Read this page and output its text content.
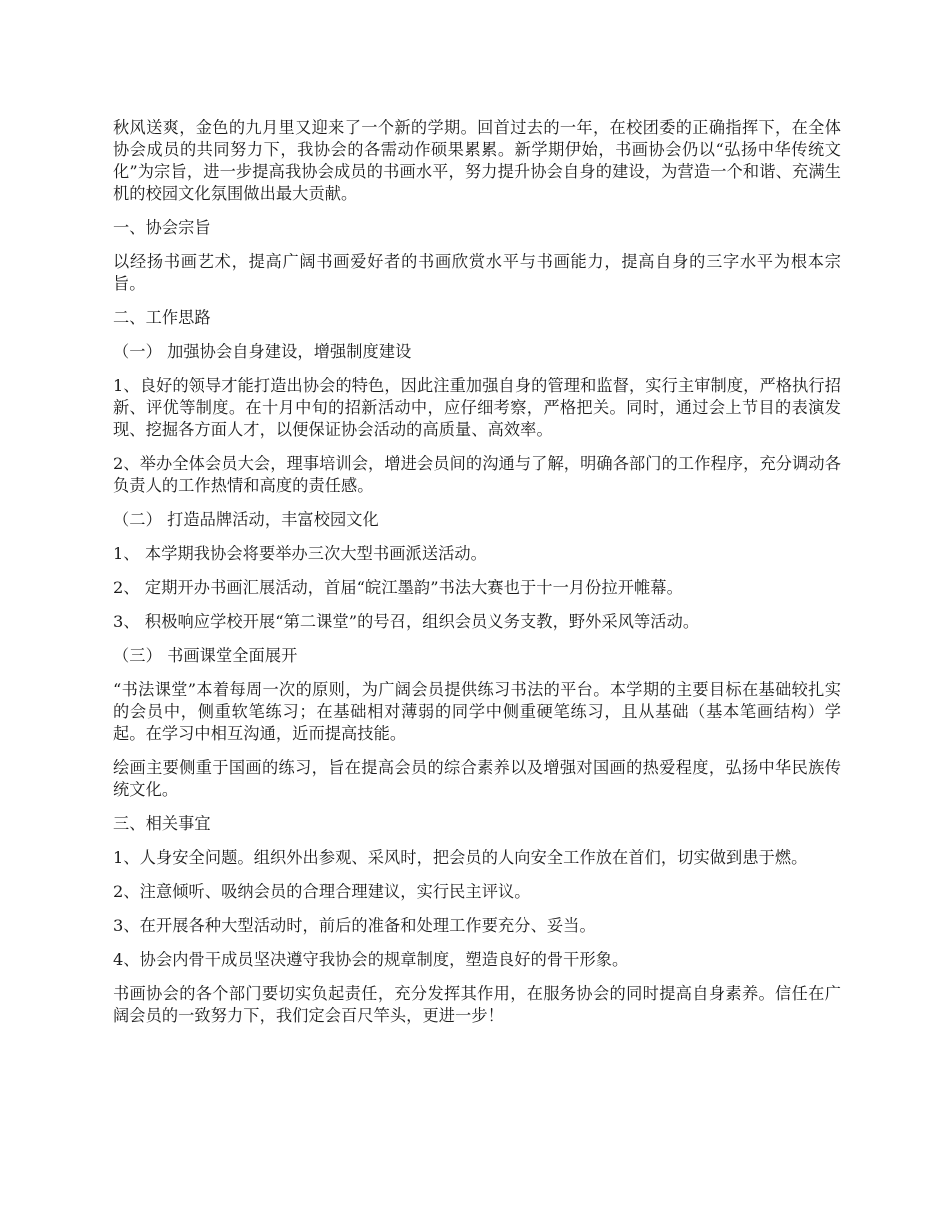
秋风送爽，金色的九月里又迎来了一个新的学期。回首过去的一年，在校团委的正确指挥下，在全体协会成员的共同努力下，我协会的各需动作硕果累累。新学期伊始，书画协会仍以“弘扬中华传统文化”为宗旨，进一步提高我协会成员的书画水平，努力提升协会自身的建设，为营造一个和谐、充满生机的校园文化氛围做出最大贡献。

一、协会宗旨

以经扬书画艺术，提高广阔书画爱好者的书画欣赏水平与书画能力，提高自身的三字水平为根本宗旨。

二、工作思路

（一） 加强协会自身建设，增强制度建设

1、良好的领导才能打造出协会的特色，因此注重加强自身的管理和监督，实行主审制度，严格执行招新、评优等制度。在十月中旬的招新活动中，应仔细考察，严格把关。同时，通过会上节目的表演发现、挖掘各方面人才，以便保证协会活动的高质量、高效率。

2、举办全体会员大会，理事培训会，增进会员间的沟通与了解，明确各部门的工作程序，充分调动各负责人的工作热情和高度的责任感。

（二） 打造品牌活动，丰富校园文化

1、 本学期我协会将要举办三次大型书画派送活动。

2、 定期开办书画汇展活动，首届“皖江墨韵”书法大赛也于十一月份拉开帷幕。

3、 积极响应学校开展“第二课堂”的号召，组织会员义务支教，野外采风等活动。

（三） 书画课堂全面展开

“书法课堂”本着每周一次的原则，为广阔会员提供练习书法的平台。本学期的主要目标在基础较扎实的会员中，侧重软笔练习；在基础相对薄弱的同学中侧重硬笔练习，且从基础（基本笔画结构）学起。在学习中相互沟通，近而提高技能。

绘画主要侧重于国画的练习，旨在提高会员的综合素养以及增强对国画的热爱程度，弘扬中华民族传统文化。

三、相关事宜

1、人身安全问题。组织外出参观、采风时，把会员的人向安全工作放在首们，切实做到患于燃。

2、注意倾听、吸纳会员的合理合理建议，实行民主评议。

3、在开展各种大型活动时，前后的准备和处理工作要充分、妥当。

4、协会内骨干成员坚决遵守我协会的规章制度，塑造良好的骨干形象。

书画协会的各个部门要切实负起责任，充分发挥其作用，在服务协会的同时提高自身素养。信任在广阔会员的一致努力下，我们定会百尺竿头，更进一步！
